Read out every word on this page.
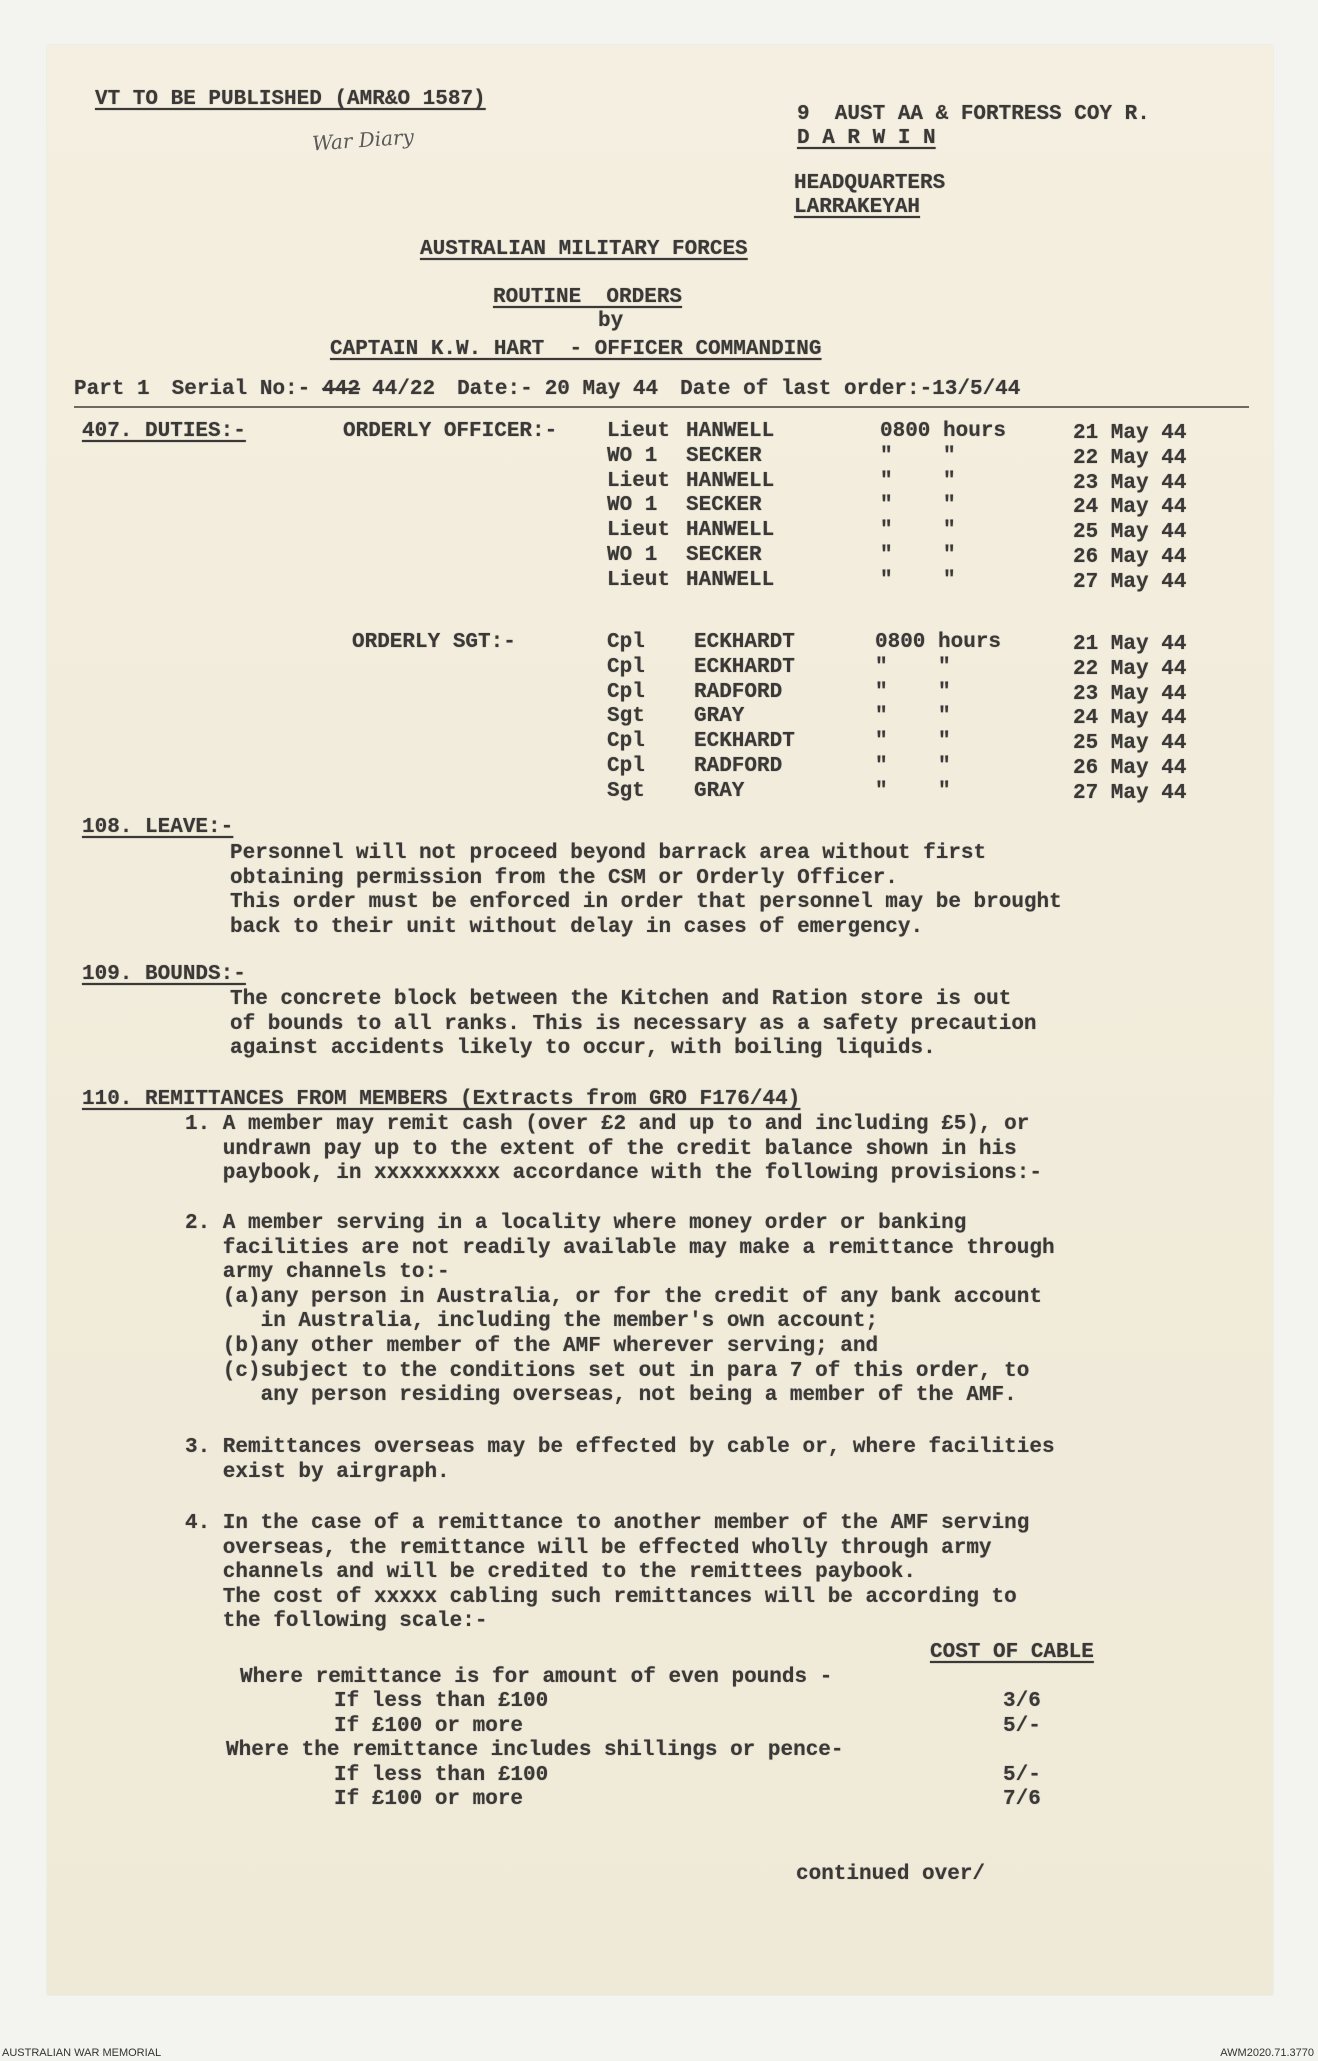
VT TO BE PUBLISHED (AMR&O 1587)
War Diary
9  AUST AA & FORTRESS COY R.
D A R W I N
HEADQUARTERS
LARRAKEYAH
AUSTRALIAN MILITARY FORCES
ROUTINE  ORDERS
by
CAPTAIN K.W. HART  - OFFICER COMMANDING
Part 1 Serial No:- 442 44/22 Date:- 20 May 44 Date of last order:- 13/5/44
407. DUTIES:-	ORDERLY OFFICER:- Lieut HANWELL	0800 hours	21 May 44
WO 1 SECKER	"    "	22 May 44
Lieut HANWELL	"    "	23 May 44
WO 1 SECKER	"    "	24 May 44
Lieut HANWELL	"    "	25 May 44
WO 1 SECKER	"    "	26 May 44
Lieut HANWELL	"    "	27 May 44
ORDERLY SGT:-	Cpl ECKHARDT	0800 hours	21 May 44
Cpl ECKHARDT	"    "	22 May 44
Cpl RADFORD	"    "	23 May 44
Sgt GRAY	"    "	24 May 44
Cpl ECKHARDT	"    "	25 May 44
Cpl RADFORD	"    "	26 May 44
Sgt GRAY	"    "	27 May 44
108. LEAVE:-
Personnel will not proceed beyond barrack area without first
obtaining permission from the CSM or Orderly Officer.
This order must be enforced in order that personnel may be brought
back to their unit without delay in cases of emergency.
109. BOUNDS:-
The concrete block between the Kitchen and Ration store is out
of bounds to all ranks. This is necessary as a safety precaution
against accidents likely to occur, with boiling liquids.
110. REMITTANCES FROM MEMBERS (Extracts from GRO F176/44)
1. A member may remit cash (over £2 and up to and including £5), or
undrawn pay up to the extent of the credit balance shown in his
paybook, in xxxxxxxxxx accordance with the following provisions:-
2. A member serving in a locality where money order or banking
facilities are not readily available may make a remittance through
army channels to:-
(a)any person in Australia, or for the credit of any bank account
in Australia, including the member's own account;
(b)any other member of the AMF wherever serving; and
(c)subject to the conditions set out in para 7 of this order, to
any person residing overseas, not being a member of the AMF.
3. Remittances overseas may be effected by cable or, where facilities
exist by airgraph.
4. In the case of a remittance to another member of the AMF serving
overseas, the remittance will be effected wholly through army
channels and will be credited to the remittees paybook.
The cost of xxxxx cabling such remittances will be according to
the following scale:-
COST OF CABLE
Where remittance is for amount of even pounds -
If less than £100	3/6
If £100 or more	5/-
Where the remittance includes shillings or pence-
If less than £100	5/-
If £100 or more	7/6
continued over/
AUSTRALIAN WAR MEMORIAL	AWM2020.71.3770
